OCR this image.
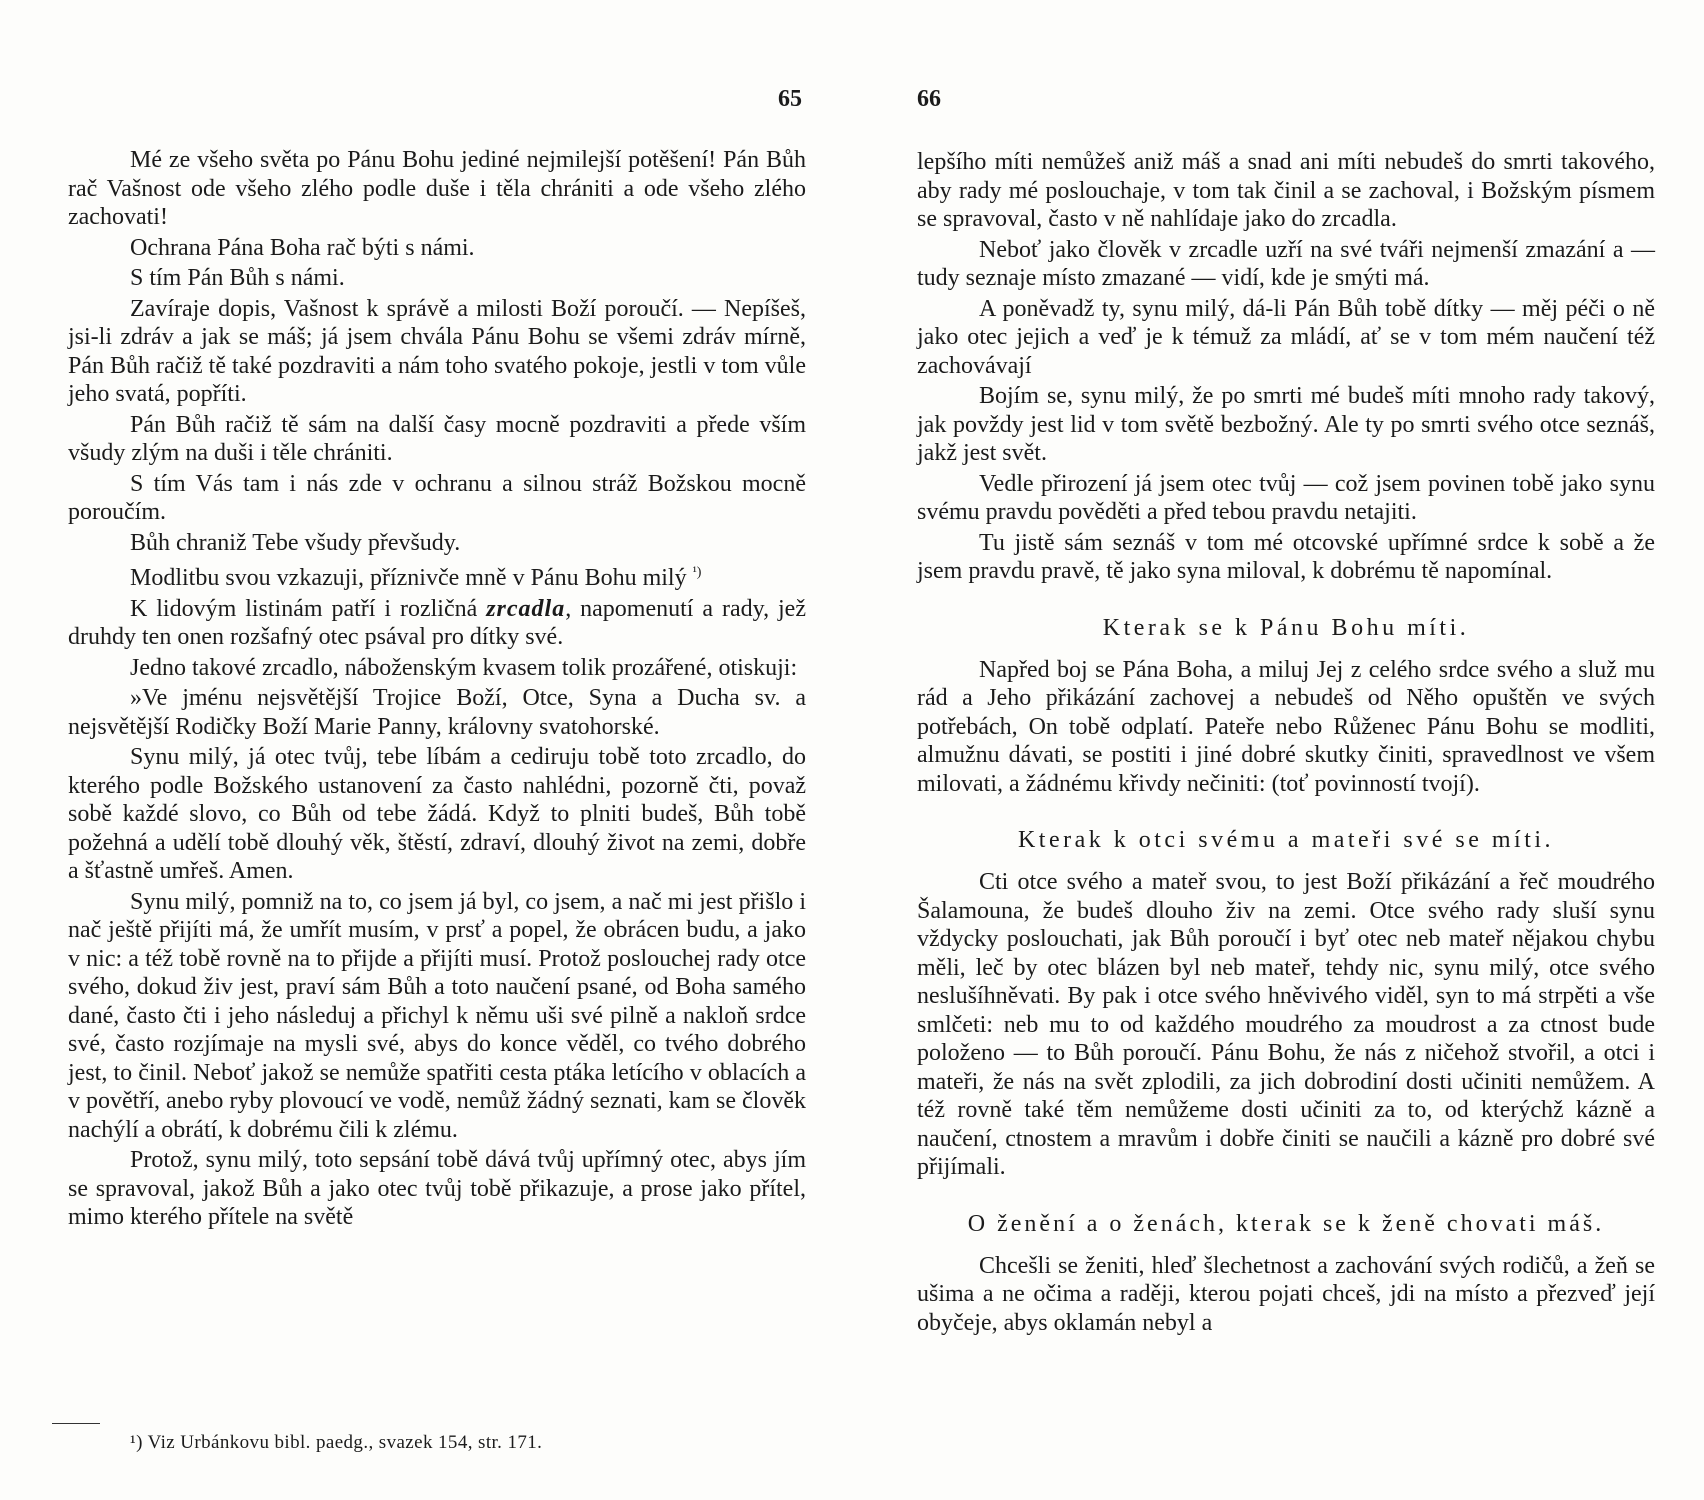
65

Mé ze všeho světa po Pánu Bohu jediné nejmilejší potěšení! Pán Bůh rač Vašnost ode všeho zlého podle duše i těla chrániti a ode všeho zlého zachovati!

Ochrana Pána Boha rač býti s námi.

S tím Pán Bůh s námi.

Zavíraje dopis, Vašnost k správě a milosti Boží poroučí. — Nepíšeš, jsi-li zdráv a jak se máš; já jsem chvála Pánu Bohu se všemi zdráv mírně, Pán Bůh račiž tě také pozdraviti a nám toho svatého pokoje, jestli v tom vůle jeho svatá, popříti.

Pán Bůh račiž tě sám na další časy mocně pozdraviti a přede vším všudy zlým na duši i těle chrániti.

S tím Vás tam i nás zde v ochranu a silnou stráž Božskou mocně poroučím.

Bůh chraniž Tebe všudy převšudy.

Modlitbu svou vzkazuji, příznivče mně v Pánu Bohu milý $^{^1)}$

K lidovým listinám patří i rozličná zrcadla, napomenutí a rady, jež druhdy ten onen rozšafný otec psával pro dítky své.

Jedno takové zrcadlo, náboženským kvasem tolik prozářené, otiskuji:

»Ve jménu nejsvětější Trojice Boží, Otce, Syna a Ducha sv. a nejsvětější Rodičky Boží Marie Panny, královny svatohorské.

Synu milý, já otec tvůj, tebe líbám a cediruju tobě toto zrcadlo, do kterého podle Božského ustanovení za často nahlédni, pozorně čti, považ sobě každé slovo, co Bůh od tebe žádá. Když to plniti budeš, Bůh tobě požehná a udělí tobě dlouhý věk, štěstí, zdraví, dlouhý život na zemi, dobře a šťastně umřeš. Amen.

Synu milý, pomniž na to, co jsem já byl, co jsem, a nač mi jest přišlo i nač ještě přijíti má, že umřít musím, v prsť a popel, že obrácen budu, a jako v nic: a též tobě rovně na to přijde a přijíti musí. Protož poslouchej rady otce svého, dokud živ jest, praví sám Bůh a toto naučení psané, od Boha samého dané, často čti i jeho následuj a přichyl k němu uši své pilně a nakloň srdce své, často rozjímaje na mysli své, abys do konce věděl, co tvého dobrého jest, to činil. Neboť jakož se nemůže spatřiti cesta ptáka letícího v oblacích a v povětří, anebo ryby plovoucí ve vodě, nemůž žádný seznati, kam se člověk nachýlí a obrátí, k dobrému čili k zlému.

Protož, synu milý, toto sepsání tobě dává tvůj upřímný otec, abys jím se spravoval, jakož Bůh a jako otec tvůj tobě přikazuje, a prose jako přítel, mimo kterého přítele na světě

¹) Viz Urbánkovu bibl. paedg., svazek 154, str. 171.
66

lepšího míti nemůžeš aniž máš a snad ani míti nebudeš do smrti takového, aby rady mé poslouchaje, v tom tak činil a se zachoval, i Božským písmem se spravoval, často v ně nahlídaje jako do zrcadla.

Neboť jako člověk v zrcadle uzří na své tváři nejmenší zmazání a — tudy seznaje místo zmazané — vidí, kde je smýti má.

A poněvadž ty, synu milý, dá-li Pán Bůh tobě dítky — měj péči o ně jako otec jejich a veď je k témuž za mládí, ať se v tom mém naučení též zachovávají

Bojím se, synu milý, že po smrti mé budeš míti mnoho rady takový, jak povždy jest lid v tom světě bezbožný. Ale ty po smrti svého otce seznáš, jakž jest svět.

Vedle přirození já jsem otec tvůj — což jsem povinen tobě jako synu svému pravdu pověděti a před tebou pravdu netajiti.

Tu jistě sám seznáš v tom mé otcovské upřímné srdce k sobě a že jsem pravdu pravě, tě jako syna miloval, k dobrému tě napomínal.

Kterak se k Pánu Bohu míti.

Napřed boj se Pána Boha, a miluj Jej z celého srdce svého a služ mu rád a Jeho přikázání zachovej a nebudeš od Něho opuštěn ve svých potřebách, On tobě odplatí. Pateře nebo Růženec Pánu Bohu se modliti, almužnu dávati, se postiti i jiné dobré skutky činiti, spravedlnost ve všem milovati, a žádnému křivdy nečiniti: (toť povinností tvojí).

Kterak k otci svému a mateři své se míti.

Cti otce svého a mateř svou, to jest Boží přikázání a řeč moudrého Šalamouna, že budeš dlouho živ na zemi. Otce svého rady sluší synu vždycky poslouchati, jak Bůh poroučí i byť otec neb mateř nějakou chybu měli, leč by otec blázen byl neb mateř, tehdy nic, synu milý, otce svého neslušíhněvati. By pak i otce svého hněvivého viděl, syn to má strpěti a vše smlčeti: neb mu to od každého moudrého za moudrost a za ctnost bude položeno — to Bůh poroučí. Pánu Bohu, že nás z ničehož stvořil, a otci i mateři, že nás na svět zplodili, za jich dobrodiní dosti učiniti nemůžem. A též rovně také těm nemůžeme dosti učiniti za to, od kterýchž kázně a naučení, ctnostem a mravům i dobře činiti se naučili a kázně pro dobré své přijímali.

O ženění a o ženách, kterak se k ženě chovati máš.

Chcešli se ženiti, hleď šlechetnost a zachování svých rodičů, a žeň se ušima a ne očima a raději, kterou pojati chceš, jdi na místo a přezveď její obyčeje, abys oklamán nebyl a
